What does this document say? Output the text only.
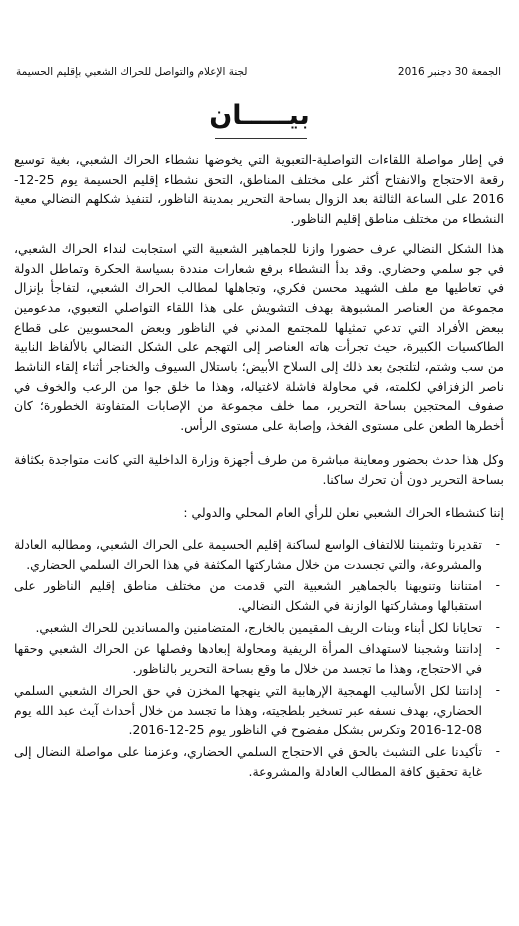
لجنة الإعلام والتواصل للحراك الشعبي بإقليم الحسيمة	الجمعة 30 دجنبر 2016
بيـــــان

في إطار مواصلة اللقاءات التواصلية-التعبوية التي يخوضها نشطاء الحراك الشعبي، بغية توسيع رقعة الاحتجاج والانفتاح أكثر على مختلف المناطق، التحق نشطاء إقليم الحسيمة يوم 25-12-2016 على الساعة الثالثة بعد الزوال بساحة التحرير بمدينة الناظور، لتنفيذ شكلهم النضالي معية النشطاء من مختلف مناطق إقليم الناظور.

هذا الشكل النضالي عرف حضورا وازنا للجماهير الشعبية التي استجابت لنداء الحراك الشعبي، في جو سلمي وحضاري. وقد بدأ النشطاء برفع شعارات منددة بسياسة الحكرة وتماطل الدولة في تعاطيها مع ملف الشهيد محسن فكري، وتجاهلها لمطالب الحراك الشعبي، لتفاجأ بإنزال مجموعة من العناصر المشبوهة بهدف التشويش على هذا اللقاء التواصلي التعبوي، مدعومين ببعض الأفراد التي تدعي تمثيلها للمجتمع المدني في الناظور وبعض المحسوبين على قطاع الطاكسيات الكبيرة، حيث تجرأت هاته العناصر إلى التهجم على الشكل النضالي بالألفاظ النابية من سب وشتم، لتلتجئ بعد ذلك إلى السلاح الأبيض؛ باستلال السيوف والخناجر أثناء إلقاء الناشط ناصر الزفزافي لكلمته، في محاولة فاشلة لاغتياله، وهذا ما خلق جوا من الرعب والخوف في صفوف المحتجين بساحة التحرير، مما خلف مجموعة من الإصابات المتفاوتة الخطورة؛ كان أخطرها الطعن على مستوى الفخذ، وإصابة على مستوى الرأس.

وكل هذا حدث بحضور ومعاينة مباشرة من طرف أجهزة وزارة الداخلية التي كانت متواجدة بكثافة بساحة التحرير دون أن تحرك ساكنا.

إننا كنشطاء الحراك الشعبي نعلن للرأي العام المحلي والدولي :

-
تقديرنا وتثميننا للالتفاف الواسع لساكنة إقليم الحسيمة على الحراك الشعبي، ومطالبه العادلة والمشروعة، والتي تجسدت من خلال مشاركتها المكثفة في هذا الحراك السلمي الحضاري.
-
امتناننا وتنويهنا بالجماهير الشعبية التي قدمت من مختلف مناطق إقليم الناظور على استقبالها ومشاركتها الوازنة في الشكل النضالي.
-
تحايانا لكل أبناء وبنات الريف المقيمين بالخارج، المتضامنين والمساندين للحراك الشعبي.
-
إدانتنا وشجبنا لاستهداف المرأة الريفية ومحاولة إبعادها وفصلها عن الحراك الشعبي وحقها في الاحتجاج، وهذا ما تجسد من خلال ما وقع بساحة التحرير بالناظور.
-
إدانتنا لكل الأساليب الهمجية الإرهابية التي ينهجها المخزن في حق الحراك الشعبي السلمي الحضاري، بهدف نسفه عبر تسخير بلطجيته، وهذا ما تجسد من خلال أحداث آيث عبد الله يوم 08-12-2016 وتكرس بشكل مفضوح في الناظور يوم 25-12-2016.
-
تأكيدنا على التشبث بالحق في الاحتجاج السلمي الحضاري، وعزمنا على مواصلة النضال إلى غاية تحقيق كافة المطالب العادلة والمشروعة.
